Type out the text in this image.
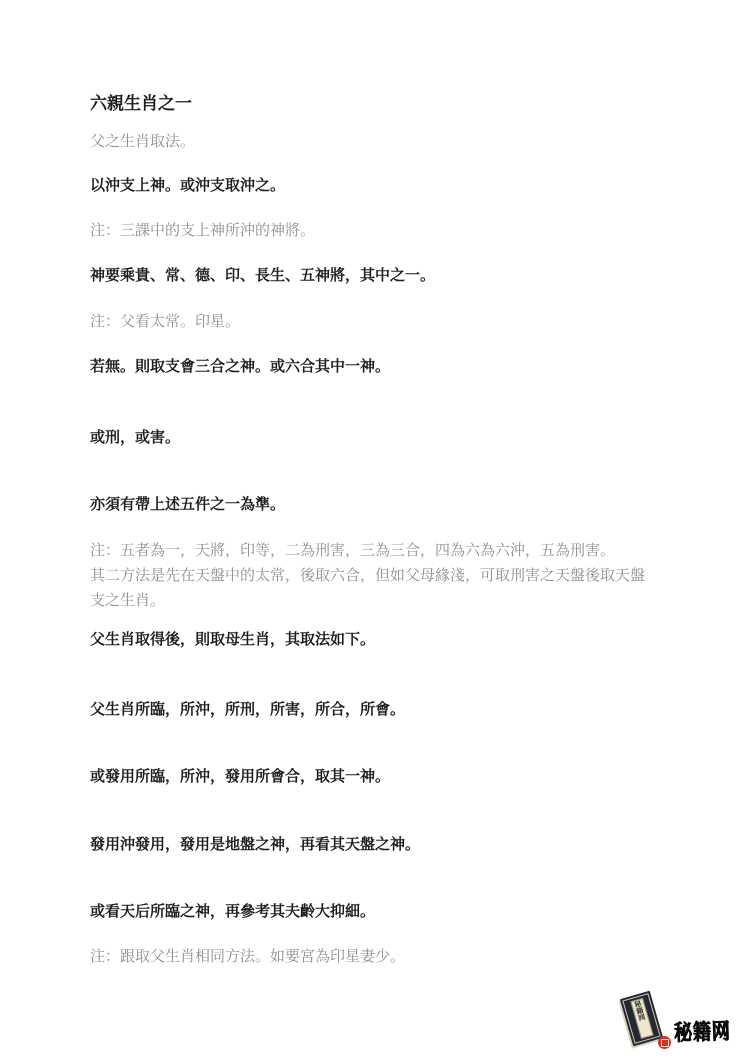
六親生肖之一

父之生肖取法。

以沖支上神。或沖支取沖之。

注：三課中的支上神所沖的神將。

神要乘貴、常、德、印、長生、五神將，其中之一。

注：父看太常。印星。

若無。則取支會三合之神。或六合其中一神。

或刑，或害。

亦須有帶上述五件之一為準。

注：五者為一，天將，印等，二為刑害，三為三合，四為六為六沖，五為刑害。
其二方法是先在天盤中的太常，後取六合，但如父母緣淺，可取刑害之天盤後取天盤支之生肖。

父生肖取得後，則取母生肖，其取法如下。

父生肖所臨，所沖，所刑，所害，所合，所會。

或發用所臨，所沖，發用所會合，取其一神。

發用沖發用，發用是地盤之神，再看其天盤之神。

或看天后所臨之神，再參考其夫齡大抑細。

注：跟取父生肖相同方法。如要宮為印星妻少。

秘籍网
秘籍网
